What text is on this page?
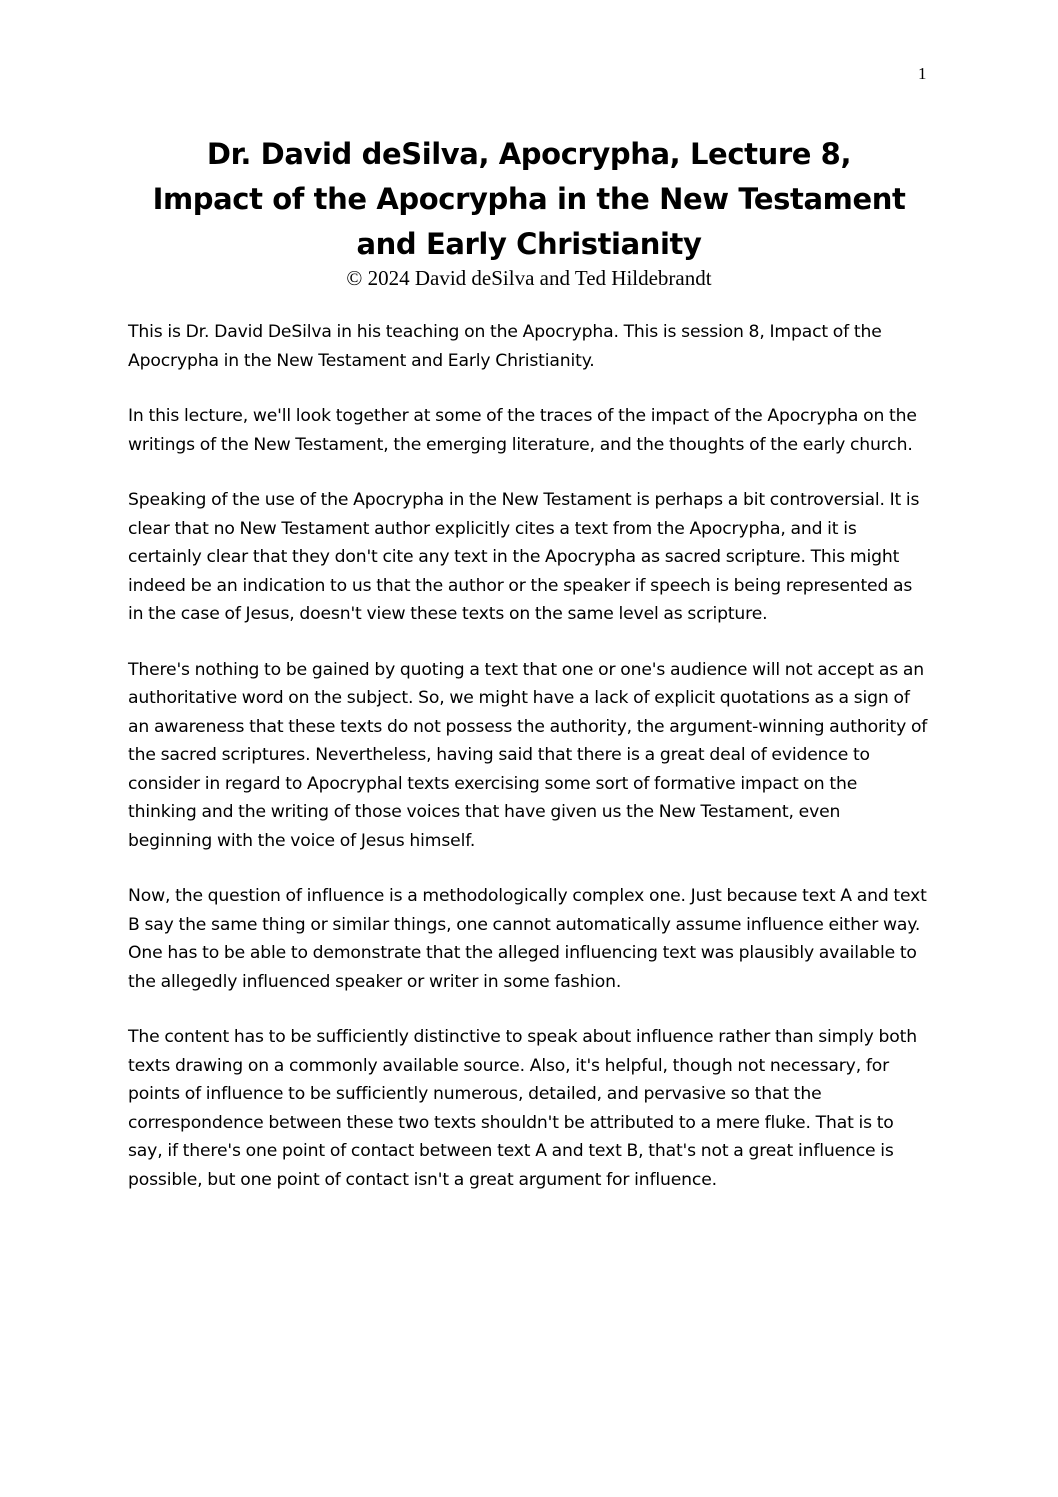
1
Dr. David deSilva, Apocrypha, Lecture 8,
Impact of the Apocrypha in the New Testament
and Early Christianity
© 2024 David deSilva and Ted Hildebrandt

This is Dr. David DeSilva in his teaching on the Apocrypha. This is session 8, Impact of the Apocrypha in the New Testament and Early Christianity.

In this lecture, we'll look together at some of the traces of the impact of the Apocrypha on the writings of the New Testament, the emerging literature, and the thoughts of the early church.

Speaking of the use of the Apocrypha in the New Testament is perhaps a bit controversial. It is clear that no New Testament author explicitly cites a text from the Apocrypha, and it is certainly clear that they don't cite any text in the Apocrypha as sacred scripture. This might indeed be an indication to us that the author or the speaker if speech is being represented as in the case of Jesus, doesn't view these texts on the same level as scripture.

There's nothing to be gained by quoting a text that one or one's audience will not accept as an authoritative word on the subject. So, we might have a lack of explicit quotations as a sign of an awareness that these texts do not possess the authority, the argument-winning authority of the sacred scriptures. Nevertheless, having said that there is a great deal of evidence to consider in regard to Apocryphal texts exercising some sort of formative impact on the thinking and the writing of those voices that have given us the New Testament, even beginning with the voice of Jesus himself.

Now, the question of influence is a methodologically complex one. Just because text A and text B say the same thing or similar things, one cannot automatically assume influence either way. One has to be able to demonstrate that the alleged influencing text was plausibly available to the allegedly influenced speaker or writer in some fashion.

The content has to be sufficiently distinctive to speak about influence rather than simply both texts drawing on a commonly available source. Also, it's helpful, though not necessary, for points of influence to be sufficiently numerous, detailed, and pervasive so that the correspondence between these two texts shouldn't be attributed to a mere fluke. That is to say, if there's one point of contact between text A and text B, that's not a great influence is possible, but one point of contact isn't a great argument for influence.
